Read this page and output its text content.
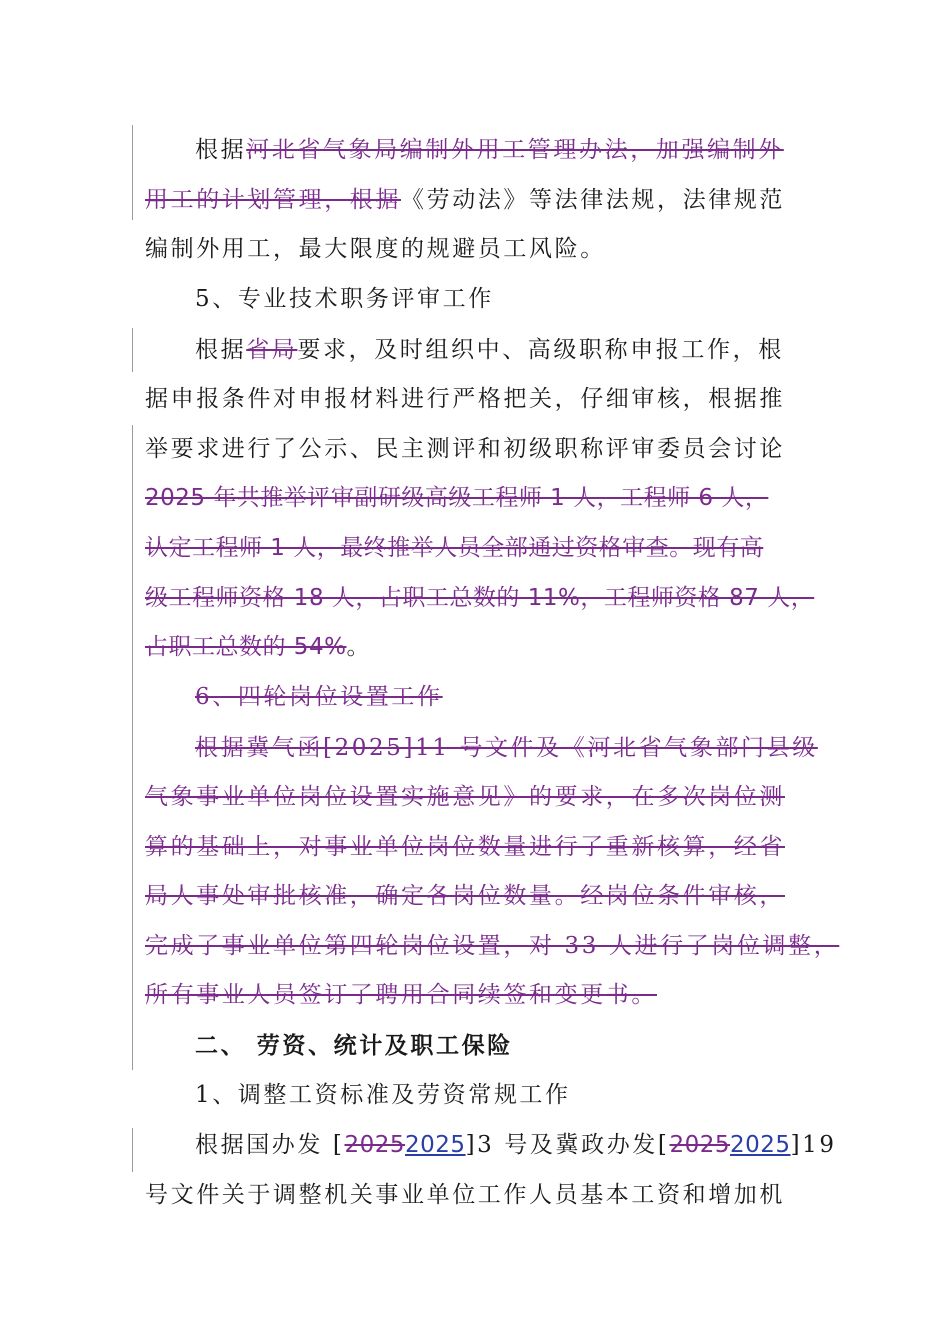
根据河北省气象局编制外用工管理办法，加强编制外
用工的计划管理，根据《劳动法》等法律法规，法律规范
编制外用工，最大限度的规避员工风险。
5、专业技术职务评审工作
根据省局要求，及时组织中、高级职称申报工作，根
据申报条件对申报材料进行严格把关，仔细审核，根据推
举要求进行了公示、民主测评和初级职称评审委员会讨论
2025 年共推举评审副研级高级工程师 1 人，工程师 6 人，
认定工程师 1 人，最终推举人员全部通过资格审查。现有高
级工程师资格 18 人，占职工总数的 11%，工程师资格 87 人，
占职工总数的 54%。
6、四轮岗位设置工作
根据冀气函[2025]11 号文件及《河北省气象部门县级
气象事业单位岗位设置实施意见》的要求，在多次岗位测
算的基础上，对事业单位岗位数量进行了重新核算，经省
局人事处审批核准，确定各岗位数量。经岗位条件审核，
完成了事业单位第四轮岗位设置，对 33 人进行了岗位调整，
所有事业人员签订了聘用合同续签和变更书。
二、 劳资、统计及职工保险
1、调整工资标准及劳资常规工作
根据国办发 [20252025]3 号及冀政办发[20252025]19
号文件关于调整机关事业单位工作人员基本工资和增加机
